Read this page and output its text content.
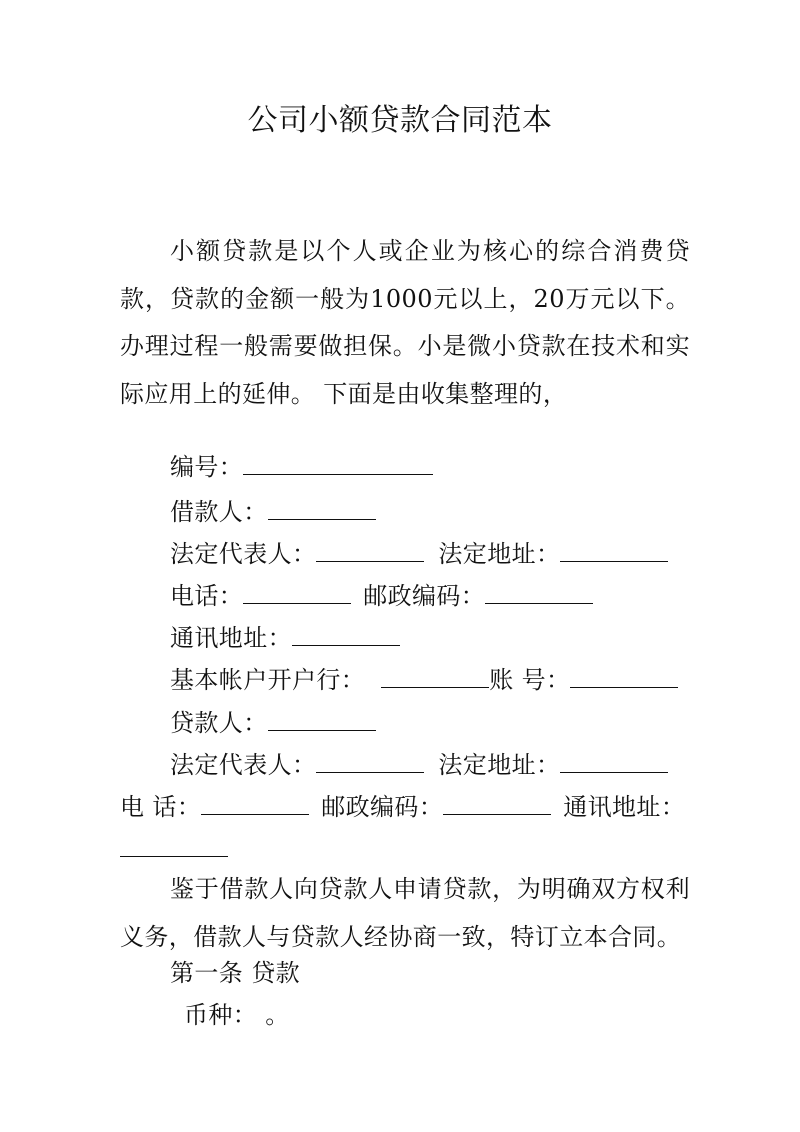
公司小额贷款合同范本
小额贷款是以个人或企业为核心的综合消费贷款，贷款的金额一般为1000元以上，20万元以下。办理过程一般需要做担保。小是微小贷款在技术和实际应用上的延伸。 下面是由收集整理的，
编号：
借款人：
法定代表人：	法定地址：
电话：	邮政编码：
通讯地址：
基本帐户开户行：	账 号：
贷款人：
法定代表人：	法定地址：
电 话：	邮政编码：	通讯地址：
鉴于借款人向贷款人申请贷款，为明确双方权利义务，借款人与贷款人经协商一致，特订立本合同。
第一条 贷款
币种： 。
